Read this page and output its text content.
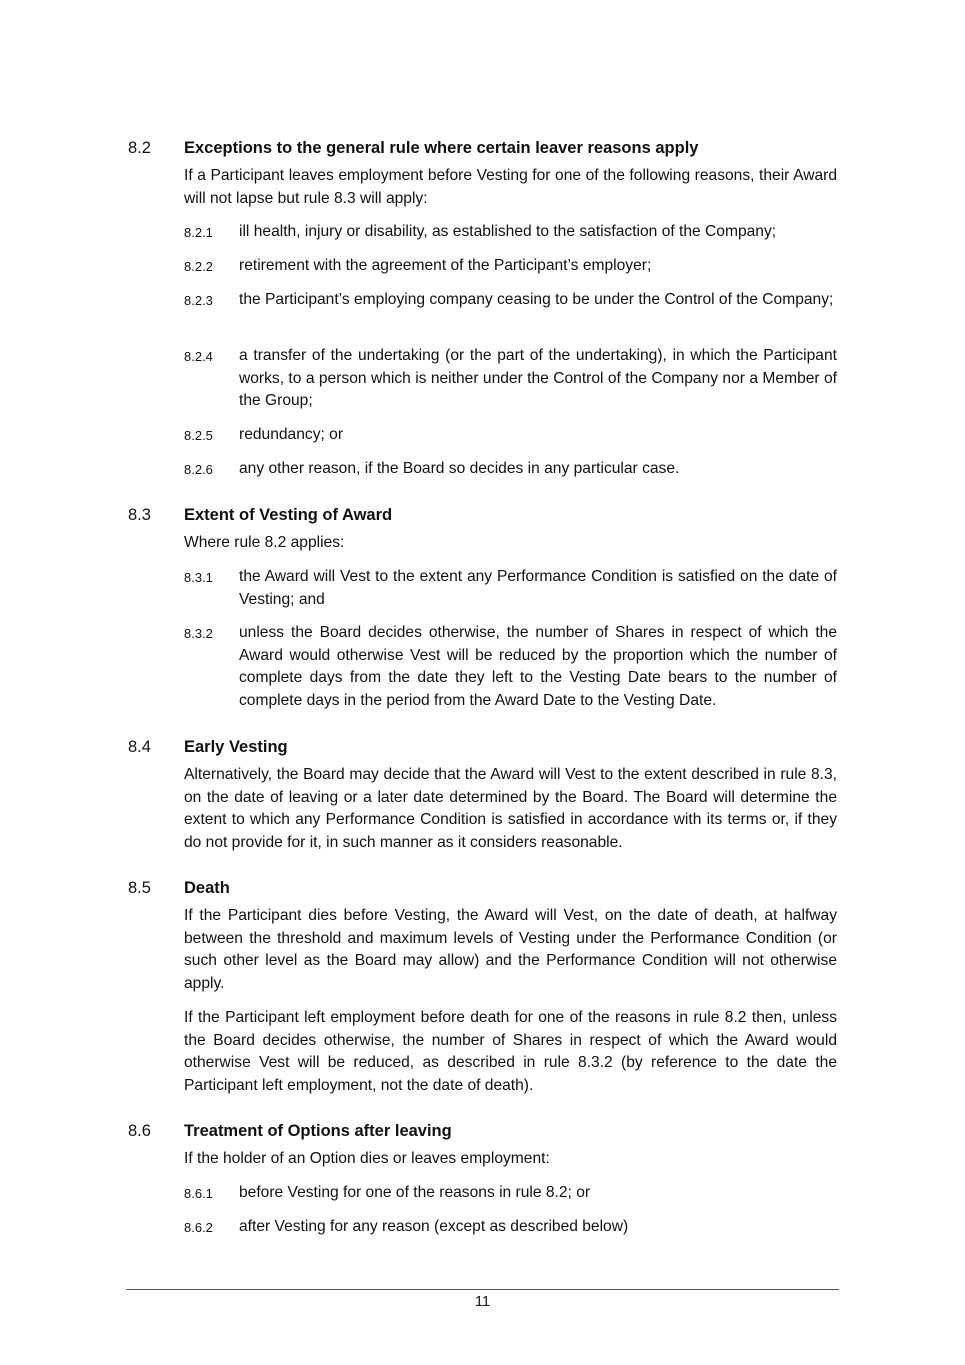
8.2 Exceptions to the general rule where certain leaver reasons apply
If a Participant leaves employment before Vesting for one of the following reasons, their Award will not lapse but rule 8.3 will apply:
8.2.1 ill health, injury or disability, as established to the satisfaction of the Company;
8.2.2 retirement with the agreement of the Participant’s employer;
8.2.3 the Participant’s employing company ceasing to be under the Control of the Company;
8.2.4 a transfer of the undertaking (or the part of the undertaking), in which the Participant works, to a person which is neither under the Control of the Company nor a Member of the Group;
8.2.5 redundancy; or
8.2.6 any other reason, if the Board so decides in any particular case.
8.3 Extent of Vesting of Award
Where rule 8.2 applies:
8.3.1 the Award will Vest to the extent any Performance Condition is satisfied on the date of Vesting; and
8.3.2 unless the Board decides otherwise, the number of Shares in respect of which the Award would otherwise Vest will be reduced by the proportion which the number of complete days from the date they left to the Vesting Date bears to the number of complete days in the period from the Award Date to the Vesting Date.
8.4 Early Vesting
Alternatively, the Board may decide that the Award will Vest to the extent described in rule 8.3, on the date of leaving or a later date determined by the Board. The Board will determine the extent to which any Performance Condition is satisfied in accordance with its terms or, if they do not provide for it, in such manner as it considers reasonable.
8.5 Death
If the Participant dies before Vesting, the Award will Vest, on the date of death, at halfway between the threshold and maximum levels of Vesting under the Performance Condition (or such other level as the Board may allow) and the Performance Condition will not otherwise apply.
If the Participant left employment before death for one of the reasons in rule 8.2 then, unless the Board decides otherwise, the number of Shares in respect of which the Award would otherwise Vest will be reduced, as described in rule 8.3.2 (by reference to the date the Participant left employment, not the date of death).
8.6 Treatment of Options after leaving
If the holder of an Option dies or leaves employment:
8.6.1 before Vesting for one of the reasons in rule 8.2; or
8.6.2 after Vesting for any reason (except as described below)
11
